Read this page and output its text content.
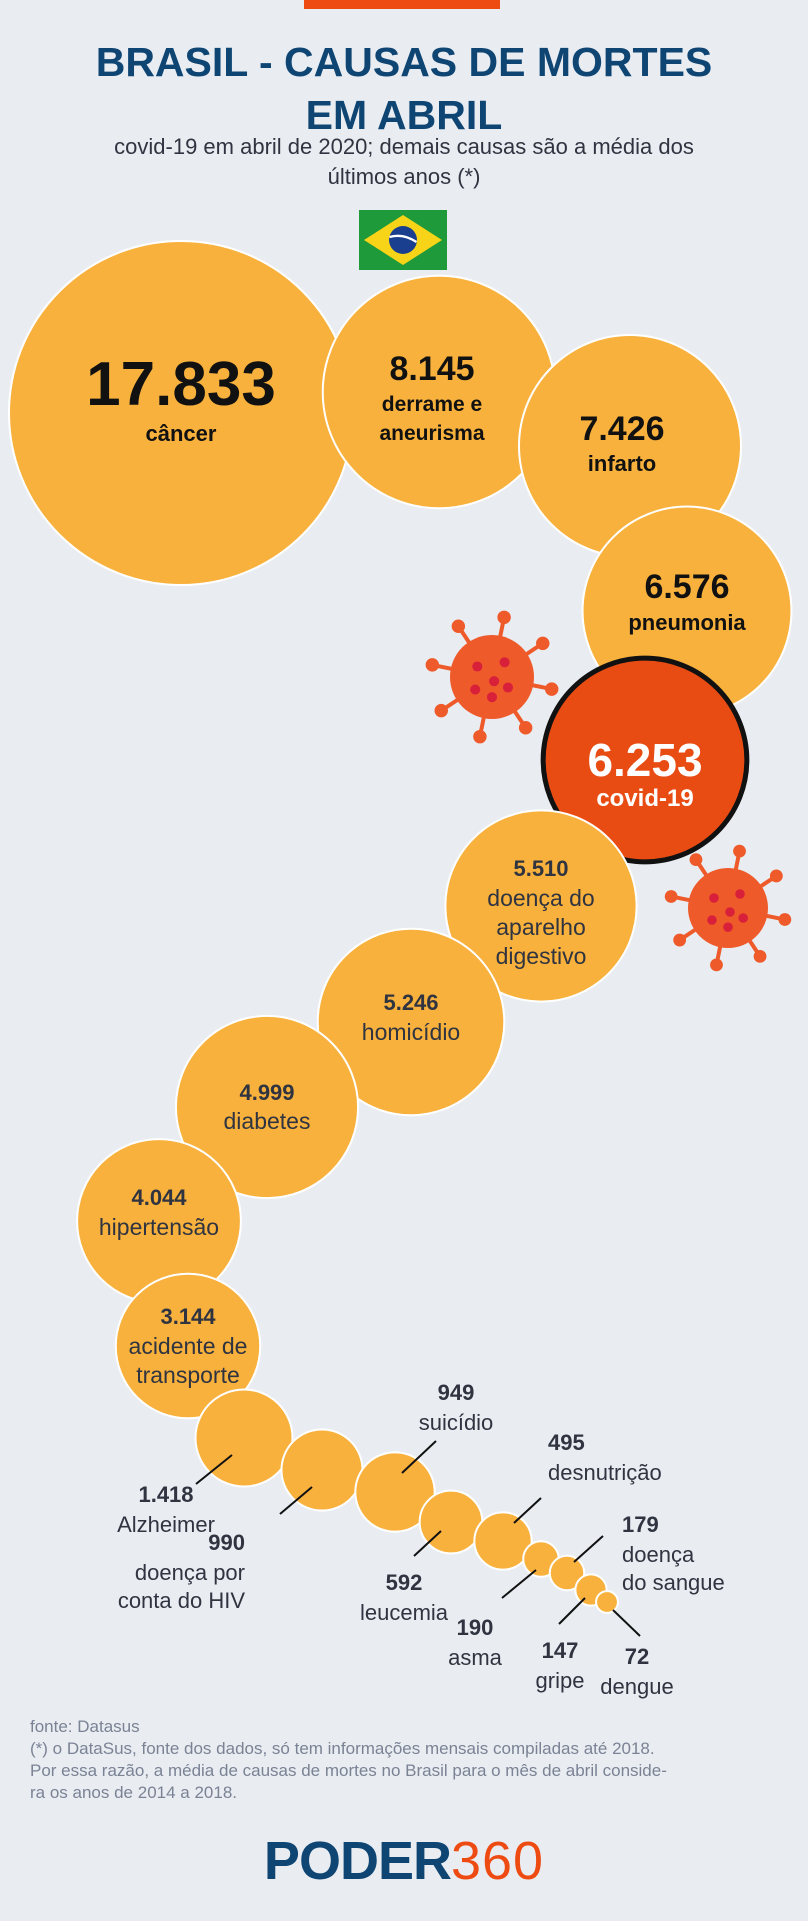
BRASIL - CAUSAS DE MORTES
EM ABRIL

covid-19 em abril de 2020; demais causas são a média dos
últimos anos (*)

17.833
câncer
8.145
derrame e
aneurisma	7.426
infarto
6.576
pneumonia
6.253
covid-19
5.510
doença do
aparelho
digestivo
5.246
homicídio
4.999
diabetes
4.044
hipertensão
3.144
acidente de
transporte
1.418
Alzheimer
990
doença por
conta do HIV
949
suicídio
592
leucemia
495
desnutrição
190
asma
179
doença
do sangue
147
gripe
72
dengue
fonte: Datasus
(*) o DataSus, fonte dos dados, só tem informações mensais compiladas até 2018.
Por essa razão, a média de causas de mortes no Brasil para o mês de abril conside-
ra os anos de 2014 a 2018.
PODER360
